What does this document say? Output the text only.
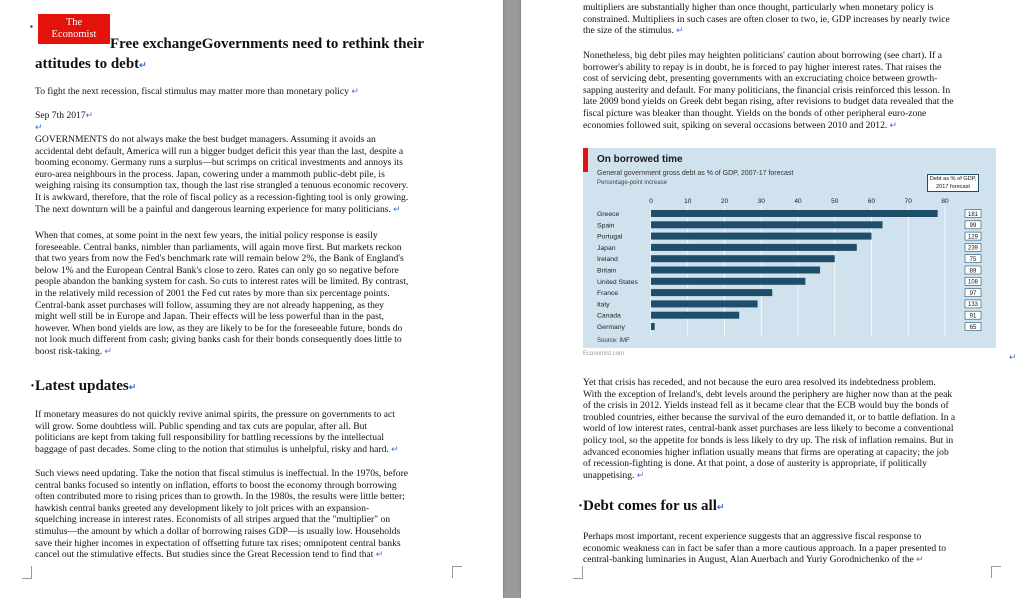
The
Economist
▪
Free exchangeGovernments need to rethink their attitudes to debt↵
To fight the next recession, fiscal stimulus may matter more than monetary policy ↵
Sep 7th 2017↵
↵
GOVERNMENTS do not always make the best budget managers. Assuming it avoids an
accidental debt default, America will run a bigger budget deficit this year than the last, despite a
booming economy. Germany runs a surplus—but scrimps on critical investments and annoys its
euro-area neighbours in the process. Japan, cowering under a mammoth public-debt pile, is
weighing raising its consumption tax, though the last rise strangled a tenuous economic recovery.
It is awkward, therefore, that the role of fiscal policy as a recession-fighting tool is only growing.
The next downturn will be a painful and dangerous learning experience for many politicians. ↵
When that comes, at some point in the next few years, the initial policy response is easily
foreseeable. Central banks, nimbler than parliaments, will again move first. But markets reckon
that two years from now the Fed's benchmark rate will remain below 2%, the Bank of England's
below 1% and the European Central Bank's close to zero. Rates can only go so negative before
people abandon the banking system for cash. So cuts to interest rates will be limited. By contrast,
in the relatively mild recession of 2001 the Fed cut rates by more than six percentage points.
Central-bank asset purchases will follow, assuming they are not already happening, as they
might well still be in Europe and Japan. Their effects will be less powerful than in the past,
however. When bond yields are low, as they are likely to be for the foreseeable future, bonds do
not look much different from cash; giving banks cash for their bonds consequently does little to
boost risk-taking. ↵
·Latest updates↵
If monetary measures do not quickly revive animal spirits, the pressure on governments to act
will grow. Some doubtless will. Public spending and tax cuts are popular, after all. But
politicians are kept from taking full responsibility for battling recessions by the intellectual
baggage of past decades. Some cling to the notion that stimulus is unhelpful, risky and hard. ↵
Such views need updating. Take the notion that fiscal stimulus is ineffectual. In the 1970s, before
central banks focused so intently on inflation, efforts to boost the economy through borrowing
often contributed more to rising prices than to growth. In the 1980s, the results were little better;
hawkish central banks greeted any development likely to jolt prices with an expansion-
squelching increase in interest rates. Economists of all stripes argued that the "multiplier" on
stimulus—the amount by which a dollar of borrowing raises GDP—is usually low. Households
save their higher incomes in expectation of offsetting future tax rises; omnipotent central banks
cancel out the stimulative effects. But studies since the Great Recession tend to find that ↵
multipliers are substantially higher than once thought, particularly when monetary policy is
constrained. Multipliers in such cases are often closer to two, ie, GDP increases by nearly twice
the size of the stimulus. ↵
Nonetheless, big debt piles may heighten politicians' caution about borrowing (see chart). If a
borrower's ability to repay is in doubt, he is forced to pay higher interest rates. That raises the
cost of servicing debt, presenting governments with an excruciating choice between growth-
sapping austerity and default. For many politicians, the financial crisis reinforced this lesson. In
late 2009 bond yields on Greek debt began rising, after revisions to budget data revealed that the
fiscal picture was bleaker than thought. Yields on the bonds of other peripheral euro-zone
economies followed suit, spiking on several occasions between 2010 and 2012. ↵
Yet that crisis has receded, and not because the euro area resolved its indebtedness problem.
With the exception of Ireland's, debt levels around the periphery are higher now than at the peak
of the crisis in 2012. Yields instead fell as it became clear that the ECB would buy the bonds of
troubled countries, either because the survival of the euro demanded it, or to battle deflation. In a
world of low interest rates, central-bank asset purchases are less likely to become a conventional
policy tool, so the appetite for bonds is less likely to dry up. The risk of inflation remains. But in
advanced economies higher inflation usually means that firms are operating at capacity; the job
of recession-fighting is done. At that point, a dose of austerity is appropriate, if politically
unappetising. ↵
·Debt comes for us all↵
Perhaps most important, recent experience suggests that an aggressive fiscal response to
economic weakness can in fact be safer than a more cautious approach. In a paper presented to
central-banking luminaries in August, Alan Auerbach and Yuriy Gorodnichenko of the ↵
↵
On borrowed time
General government gross debt as % of GDP, 2007-17 forecast
Percentage-point increase
Debt as % of GDP,
2017 forecast
0	10	20	30	40	50	60	70	80
Greece	181
Spain	99
Portugal	129
Japan	239
Ireland	75
Britain	89
United States	108
France	97
Italy	133
Canada	91
Germany	65
Source: IMF
Economist.com
